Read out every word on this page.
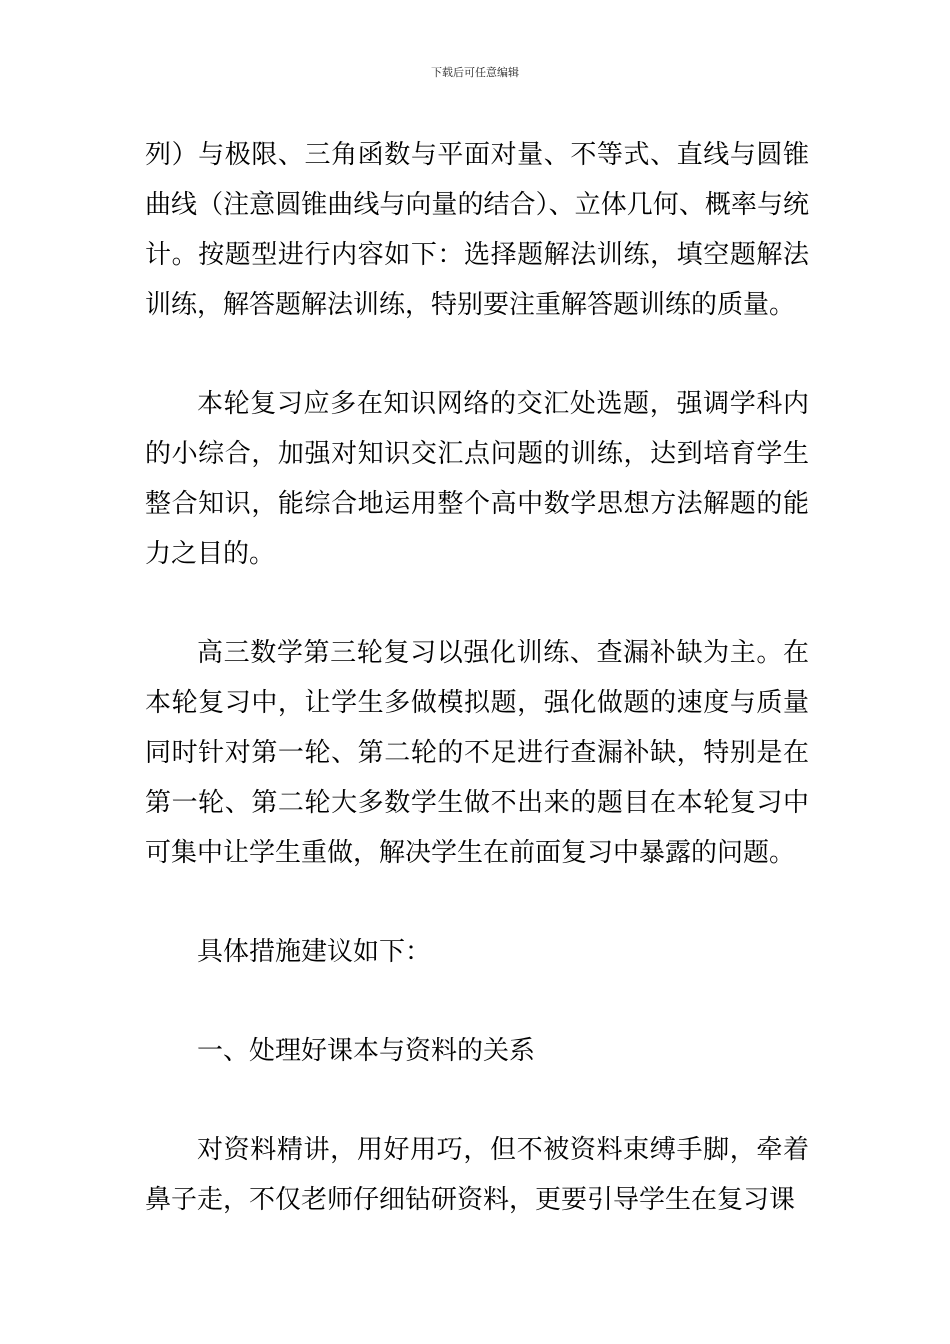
下载后可任意编辑

列）与极限、三角函数与平面对量、不等式、直线与圆锥曲线（注意圆锥曲线与向量的结合）、立体几何、概率与统计。按题型进行内容如下：选择题解法训练，填空题解法训练，解答题解法训练，特别要注重解答题训练的质量。

本轮复习应多在知识网络的交汇处选题，强调学科内的小综合，加强对知识交汇点问题的训练，达到培育学生整合知识，能综合地运用整个高中数学思想方法解题的能力之目的。

高三数学第三轮复习以强化训练、查漏补缺为主。在本轮复习中，让学生多做模拟题，强化做题的速度与质量同时针对第一轮、第二轮的不足进行查漏补缺，特别是在第一轮、第二轮大多数学生做不出来的题目在本轮复习中可集中让学生重做，解决学生在前面复习中暴露的问题。

具体措施建议如下：

一、处理好课本与资料的关系

对资料精讲，用好用巧，但不被资料束缚手脚，牵着鼻子走，不仅老师仔细钻研资料，更要引导学生在复习课
